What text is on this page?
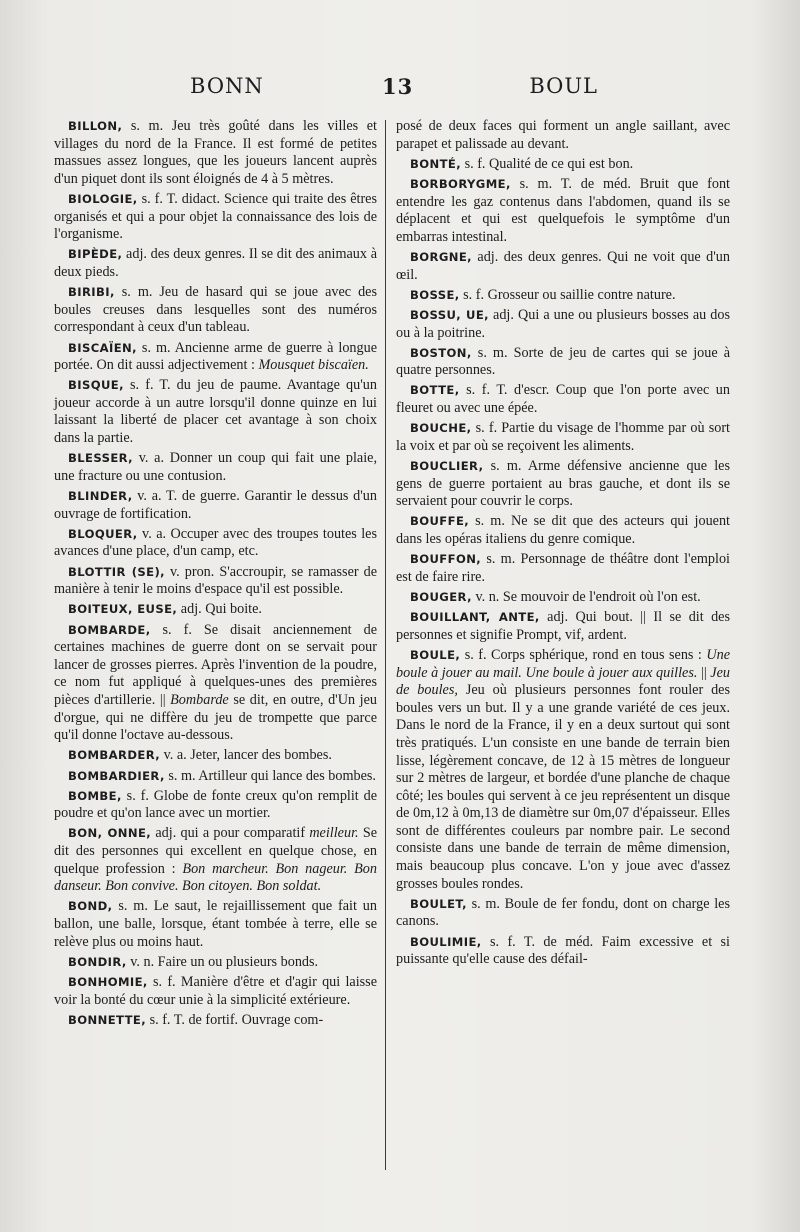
BONN	13	BOUL

BILLON, s. m. Jeu très goûté dans les villes et villages du nord de la France. Il est formé de petites massues assez longues, que les joueurs lancent auprès d'un piquet dont ils sont éloignés de 4 à 5 mètres.

BIOLOGIE, s. f. T. didact. Science qui traite des êtres organisés et qui a pour objet la connaissance des lois de l'organisme.

BIPÈDE, adj. des deux genres. Il se dit des animaux à deux pieds.

BIRIBI, s. m. Jeu de hasard qui se joue avec des boules creuses dans lesquelles sont des numéros correspondant à ceux d'un tableau.

BISCAÏEN, s. m. Ancienne arme de guerre à longue portée. On dit aussi adjectivement : Mousquet biscaïen.

BISQUE, s. f. T. du jeu de paume. Avantage qu'un joueur accorde à un autre lorsqu'il donne quinze en lui laissant la liberté de placer cet avantage à son choix dans la partie.

BLESSER, v. a. Donner un coup qui fait une plaie, une fracture ou une contusion.

BLINDER, v. a. T. de guerre. Garantir le dessus d'un ouvrage de fortification.

BLOQUER, v. a. Occuper avec des troupes toutes les avances d'une place, d'un camp, etc.

BLOTTIR (SE), v. pron. S'accroupir, se ramasser de manière à tenir le moins d'espace qu'il est possible.

BOITEUX, EUSE, adj. Qui boite.

BOMBARDE, s. f. Se disait anciennement de certaines machines de guerre dont on se servait pour lancer de grosses pierres. Après l'invention de la poudre, ce nom fut appliqué à quelques-unes des premières pièces d'artillerie. || Bombarde se dit, en outre, d'Un jeu d'orgue, qui ne diffère du jeu de trompette que parce qu'il donne l'octave au-dessous.

BOMBARDER, v. a. Jeter, lancer des bombes.

BOMBARDIER, s. m. Artilleur qui lance des bombes.

BOMBE, s. f. Globe de fonte creux qu'on remplit de poudre et qu'on lance avec un mortier.

BON, ONNE, adj. qui a pour comparatif meilleur. Se dit des personnes qui excellent en quelque chose, en quelque profession : Bon marcheur. Bon nageur. Bon danseur. Bon convive. Bon citoyen. Bon soldat.

BOND, s. m. Le saut, le rejaillissement que fait un ballon, une balle, lorsque, étant tombée à terre, elle se relève plus ou moins haut.

BONDIR, v. n. Faire un ou plusieurs bonds.

BONHOMIE, s. f. Manière d'être et d'agir qui laisse voir la bonté du cœur unie à la simplicité extérieure.

BONNETTE, s. f. T. de fortif. Ouvrage com-

posé de deux faces qui forment un angle saillant, avec parapet et palissade au devant.

BONTÉ, s. f. Qualité de ce qui est bon.

BORBORYGME, s. m. T. de méd. Bruit que font entendre les gaz contenus dans l'abdomen, quand ils se déplacent et qui est quelquefois le symptôme d'un embarras intestinal.

BORGNE, adj. des deux genres. Qui ne voit que d'un œil.

BOSSE, s. f. Grosseur ou saillie contre nature.

BOSSU, UE, adj. Qui a une ou plusieurs bosses au dos ou à la poitrine.

BOSTON, s. m. Sorte de jeu de cartes qui se joue à quatre personnes.

BOTTE, s. f. T. d'escr. Coup que l'on porte avec un fleuret ou avec une épée.

BOUCHE, s. f. Partie du visage de l'homme par où sort la voix et par où se reçoivent les aliments.

BOUCLIER, s. m. Arme défensive ancienne que les gens de guerre portaient au bras gauche, et dont ils se servaient pour couvrir le corps.

BOUFFE, s. m. Ne se dit que des acteurs qui jouent dans les opéras italiens du genre comique.

BOUFFON, s. m. Personnage de théâtre dont l'emploi est de faire rire.

BOUGER, v. n. Se mouvoir de l'endroit où l'on est.

BOUILLANT, ANTE, adj. Qui bout. || Il se dit des personnes et signifie Prompt, vif, ardent.

BOULE, s. f. Corps sphérique, rond en tous sens : Une boule à jouer au mail. Une boule à jouer aux quilles. || Jeu de boules, Jeu où plusieurs personnes font rouler des boules vers un but. Il y a une grande variété de ces jeux. Dans le nord de la France, il y en a deux surtout qui sont très pratiqués. L'un consiste en une bande de terrain bien lisse, légèrement concave, de 12 à 15 mètres de longueur sur 2 mètres de largeur, et bordée d'une planche de chaque côté; les boules qui servent à ce jeu représentent un disque de 0m,12 à 0m,13 de diamètre sur 0m,07 d'épaisseur. Elles sont de différentes couleurs par nombre pair. Le second consiste dans une bande de terrain de même dimension, mais beaucoup plus concave. L'on y joue avec d'assez grosses boules rondes.

BOULET, s. m. Boule de fer fondu, dont on charge les canons.

BOULIMIE, s. f. T. de méd. Faim excessive et si puissante qu'elle cause des défail-
